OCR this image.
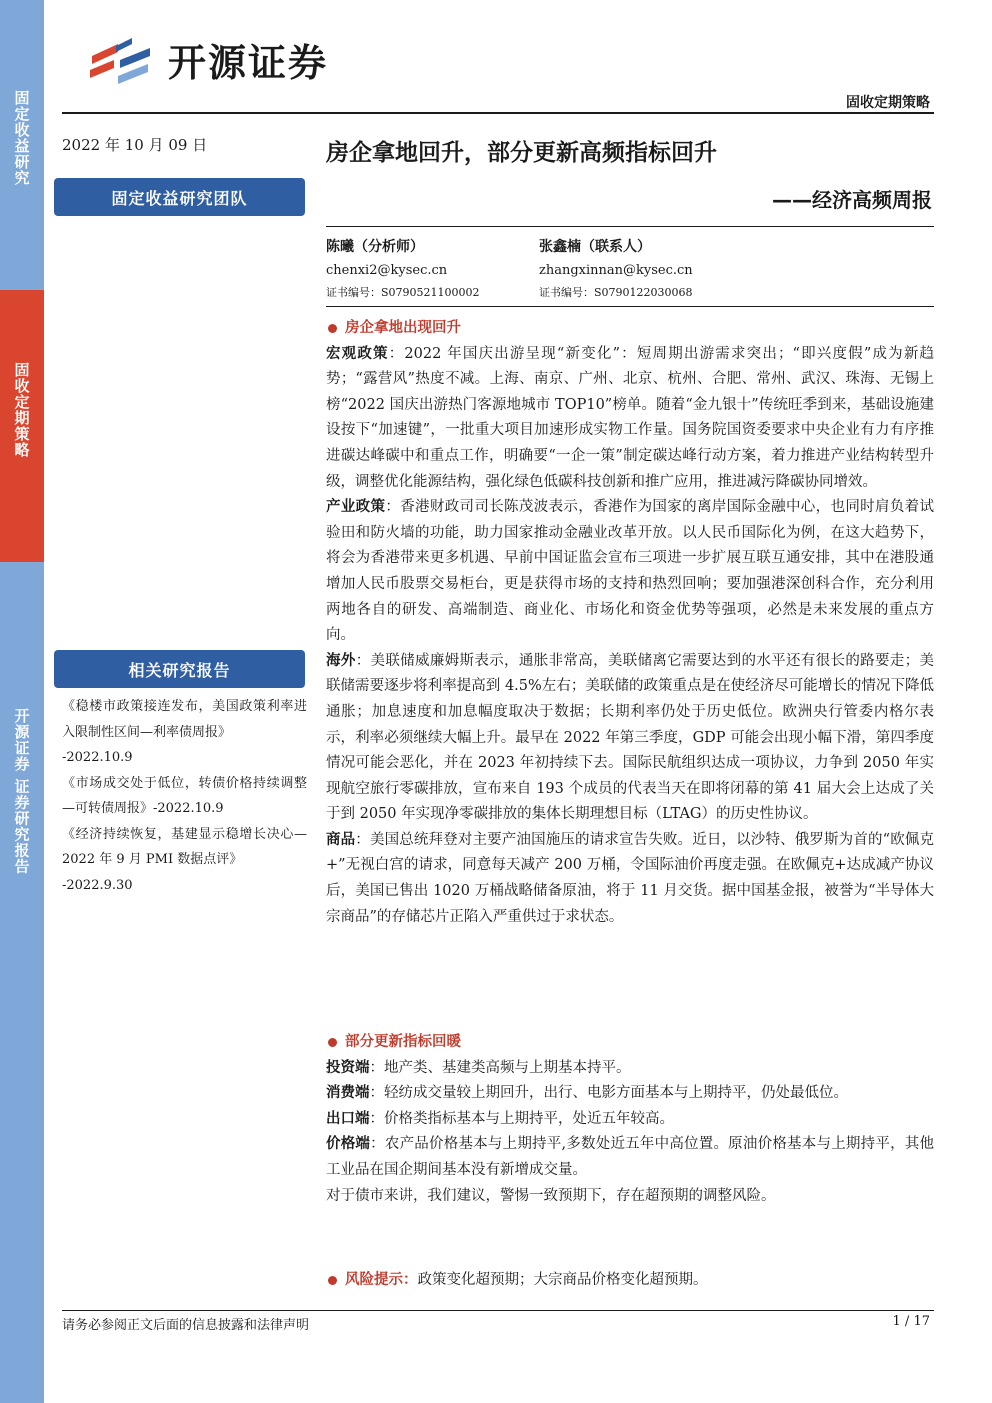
固定收益研究
固收定期策略
开源证券 证券研究报告
开源证券
固收定期策略
2022 年 10 月 09 日
固定收益研究团队
相关研究报告
《稳楼市政策接连发布，美国政策利率进入限制性区间—利率债周报》
-2022.10.9
《市场成交处于低位，转债价格持续调整—可转债周报》-2022.10.9
《经济持续恢复，基建显示稳增长决心—2022 年 9 月 PMI 数据点评》
-2022.9.30
房企拿地回升，部分更新高频指标回升
——经济高频周报
陈曦（分析师）
chenxi2@kysec.cn
证书编号：S0790521100002
张鑫楠（联系人）
zhangxinnan@kysec.cn
证书编号：S0790122030068
房企拿地出现回升
宏观政策：2022 年国庆出游呈现“新变化”：短周期出游需求突出；“即兴度假”成为新趋势；“露营风”热度不减。上海、南京、广州、北京、杭州、合肥、常州、武汉、珠海、无锡上榜“2022 国庆出游热门客源地城市 TOP10”榜单。随着“金九银十”传统旺季到来，基础设施建设按下“加速键”，一批重大项目加速形成实物工作量。国务院国资委要求中央企业有力有序推进碳达峰碳中和重点工作，明确要“一企一策”制定碳达峰行动方案，着力推进产业结构转型升级，调整优化能源结构，强化绿色低碳科技创新和推广应用，推进减污降碳协同增效。
产业政策：香港财政司司长陈茂波表示，香港作为国家的离岸国际金融中心，也同时肩负着试验田和防火墙的功能，助力国家推动金融业改革开放。以人民币国际化为例，在这大趋势下，将会为香港带来更多机遇、早前中国证监会宣布三项进一步扩展互联互通安排，其中在港股通增加人民币股票交易柜台，更是获得市场的支持和热烈回响；要加强港深创科合作，充分利用两地各自的研发、高端制造、商业化、市场化和资金优势等强项，必然是未来发展的重点方向。
海外：美联储威廉姆斯表示，通胀非常高，美联储离它需要达到的水平还有很长的路要走；美联储需要逐步将利率提高到 4.5%左右；美联储的政策重点是在使经济尽可能增长的情况下降低通胀；加息速度和加息幅度取决于数据；长期利率仍处于历史低位。欧洲央行管委内格尔表示，利率必须继续大幅上升。最早在 2022 年第三季度，GDP 可能会出现小幅下滑，第四季度情况可能会恶化，并在 2023 年初持续下去。国际民航组织达成一项协议，力争到 2050 年实现航空旅行零碳排放，宣布来自 193 个成员的代表当天在即将闭幕的第 41 届大会上达成了关于到 2050 年实现净零碳排放的集体长期理想目标（LTAG）的历史性协议。
商品：美国总统拜登对主要产油国施压的请求宣告失败。近日，以沙特、俄罗斯为首的“欧佩克+”无视白宫的请求，同意每天减产 200 万桶，令国际油价再度走强。在欧佩克+达成减产协议后，美国已售出 1020 万桶战略储备原油，将于 11 月交货。据中国基金报，被誉为“半导体大宗商品”的存储芯片正陷入严重供过于求状态。
部分更新指标回暖
投资端：地产类、基建类高频与上期基本持平。
消费端：轻纺成交量较上期回升，出行、电影方面基本与上期持平，仍处最低位。
出口端：价格类指标基本与上期持平，处近五年较高。
价格端：农产品价格基本与上期持平,多数处近五年中高位置。原油价格基本与上期持平，其他工业品在国企期间基本没有新增成交量。
对于债市来讲，我们建议，警惕一致预期下，存在超预期的调整风险。
风险提示： 政策变化超预期；大宗商品价格变化超预期。
请务必参阅正文后面的信息披露和法律声明	1 / 17
